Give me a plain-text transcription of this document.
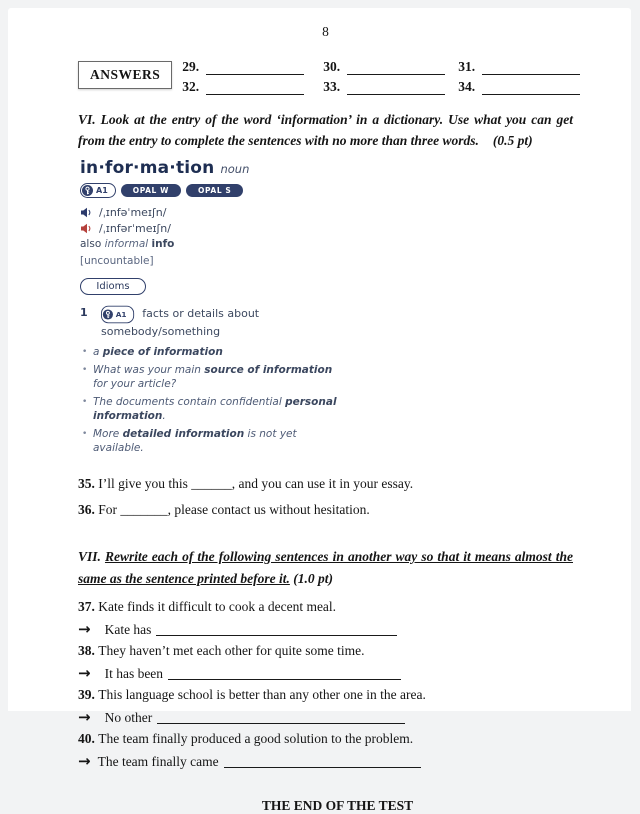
8
ANSWERS
29.	30.	31.
32.	33.	34.

VI. Look at the entry of the word ‘information’ in a dictionary. Use what you can get from the entry to complete the sentences with no more than three words. (0.5 pt)

in·for·ma·tion noun
A1	OPAL W	OPAL S
/ˌɪnfəˈmeɪʃn/
/ˌɪnfərˈmeɪʃn/
also informal info
[uncountable]
Idioms
1	A1 facts or details about somebody/something
• a piece of information
• What was your main source of information for your article?
• The documents contain confidential personal information.
• More detailed information is not yet available.

35. I’ll give you this ______, and you can use it in your essay.

36. For _______, please contact us without hesitation.

VII. Rewrite each of the following sentences in another way so that it means almost the same as the sentence printed before it. (1.0 pt)

37. Kate finds it difficult to cook a decent meal.

→ Kate has

38. They haven’t met each other for quite some time.

→ It has been

39. This language school is better than any other one in the area.

→ No other

40. The team finally produced a good solution to the problem.

→ The team finally came

THE END OF THE TEST
